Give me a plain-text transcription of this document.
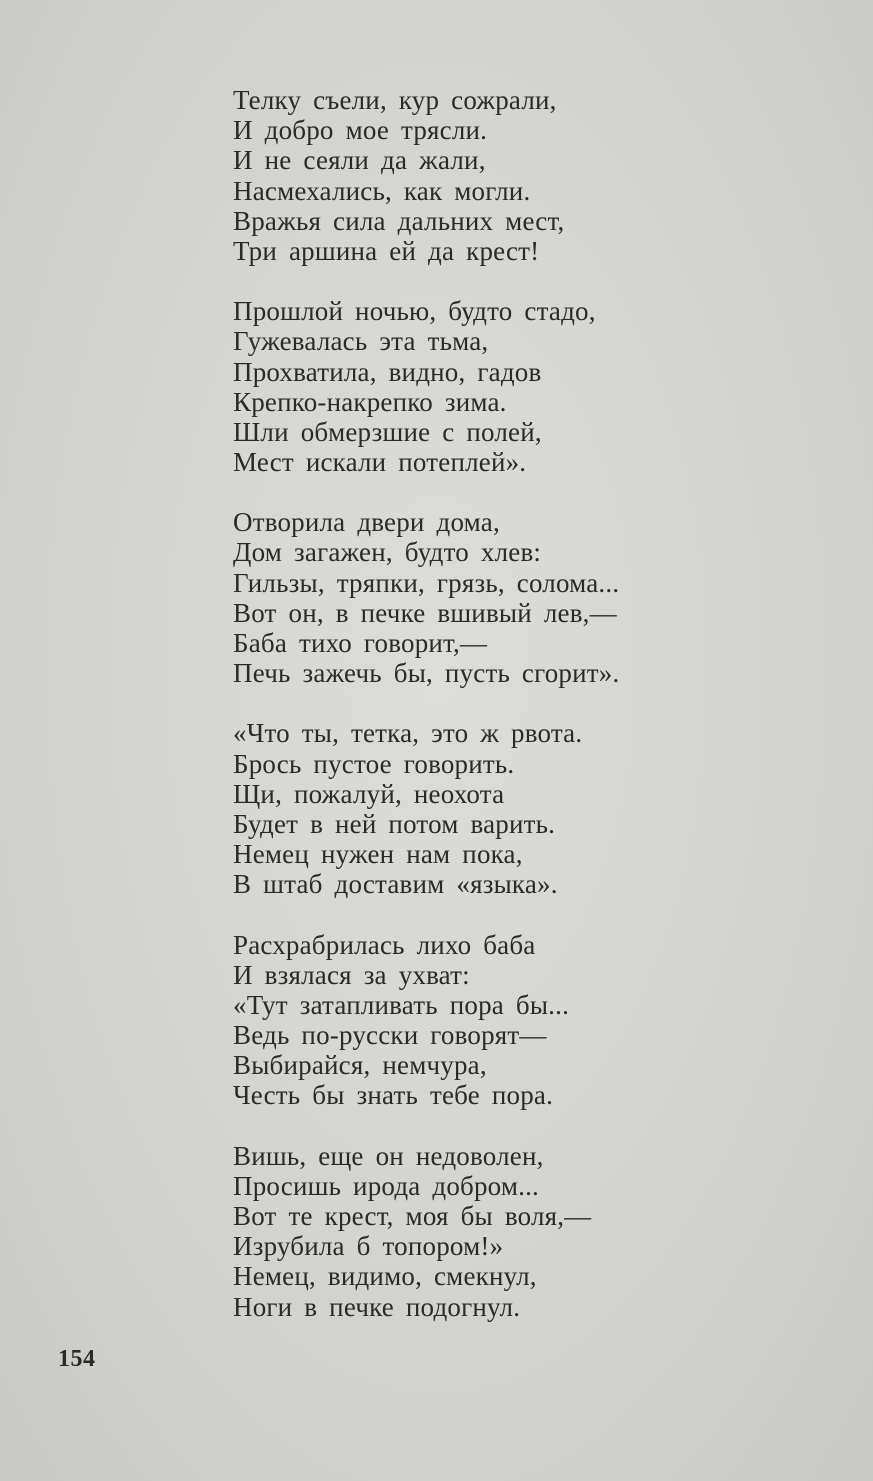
Телку съели, кур сожрали,
И добро мое трясли.
И не сеяли да жали,
Насмехались, как могли.
Вражья сила дальних мест,
Три аршина ей да крест!
Прошлой ночью, будто стадо,
Гужевалась эта тьма,
Прохватила, видно, гадов
Крепко-накрепко зима.
Шли обмерзшие с полей,
Мест искали потеплей».
Отворила двери дома,
Дом загажен, будто хлев:
Гильзы, тряпки, грязь, солома...
Вот он, в печке вшивый лев,—
Баба тихо говорит,—
Печь зажечь бы, пусть сгорит».
«Что ты, тетка, это ж рвота.
Брось пустое говорить.
Щи, пожалуй, неохота
Будет в ней потом варить.
Немец нужен нам пока,
В штаб доставим «языка».
Расхрабрилась лихо баба
И взялася за ухват:
«Тут затапливать пора бы...
Ведь по-русски говорят—
Выбирайся, немчура,
Честь бы знать тебе пора.
Вишь, еще он недоволен,
Просишь ирода добром...
Вот те крест, моя бы воля,—
Изрубила б топором!»
Немец, видимо, смекнул,
Ноги в печке подогнул.
154
